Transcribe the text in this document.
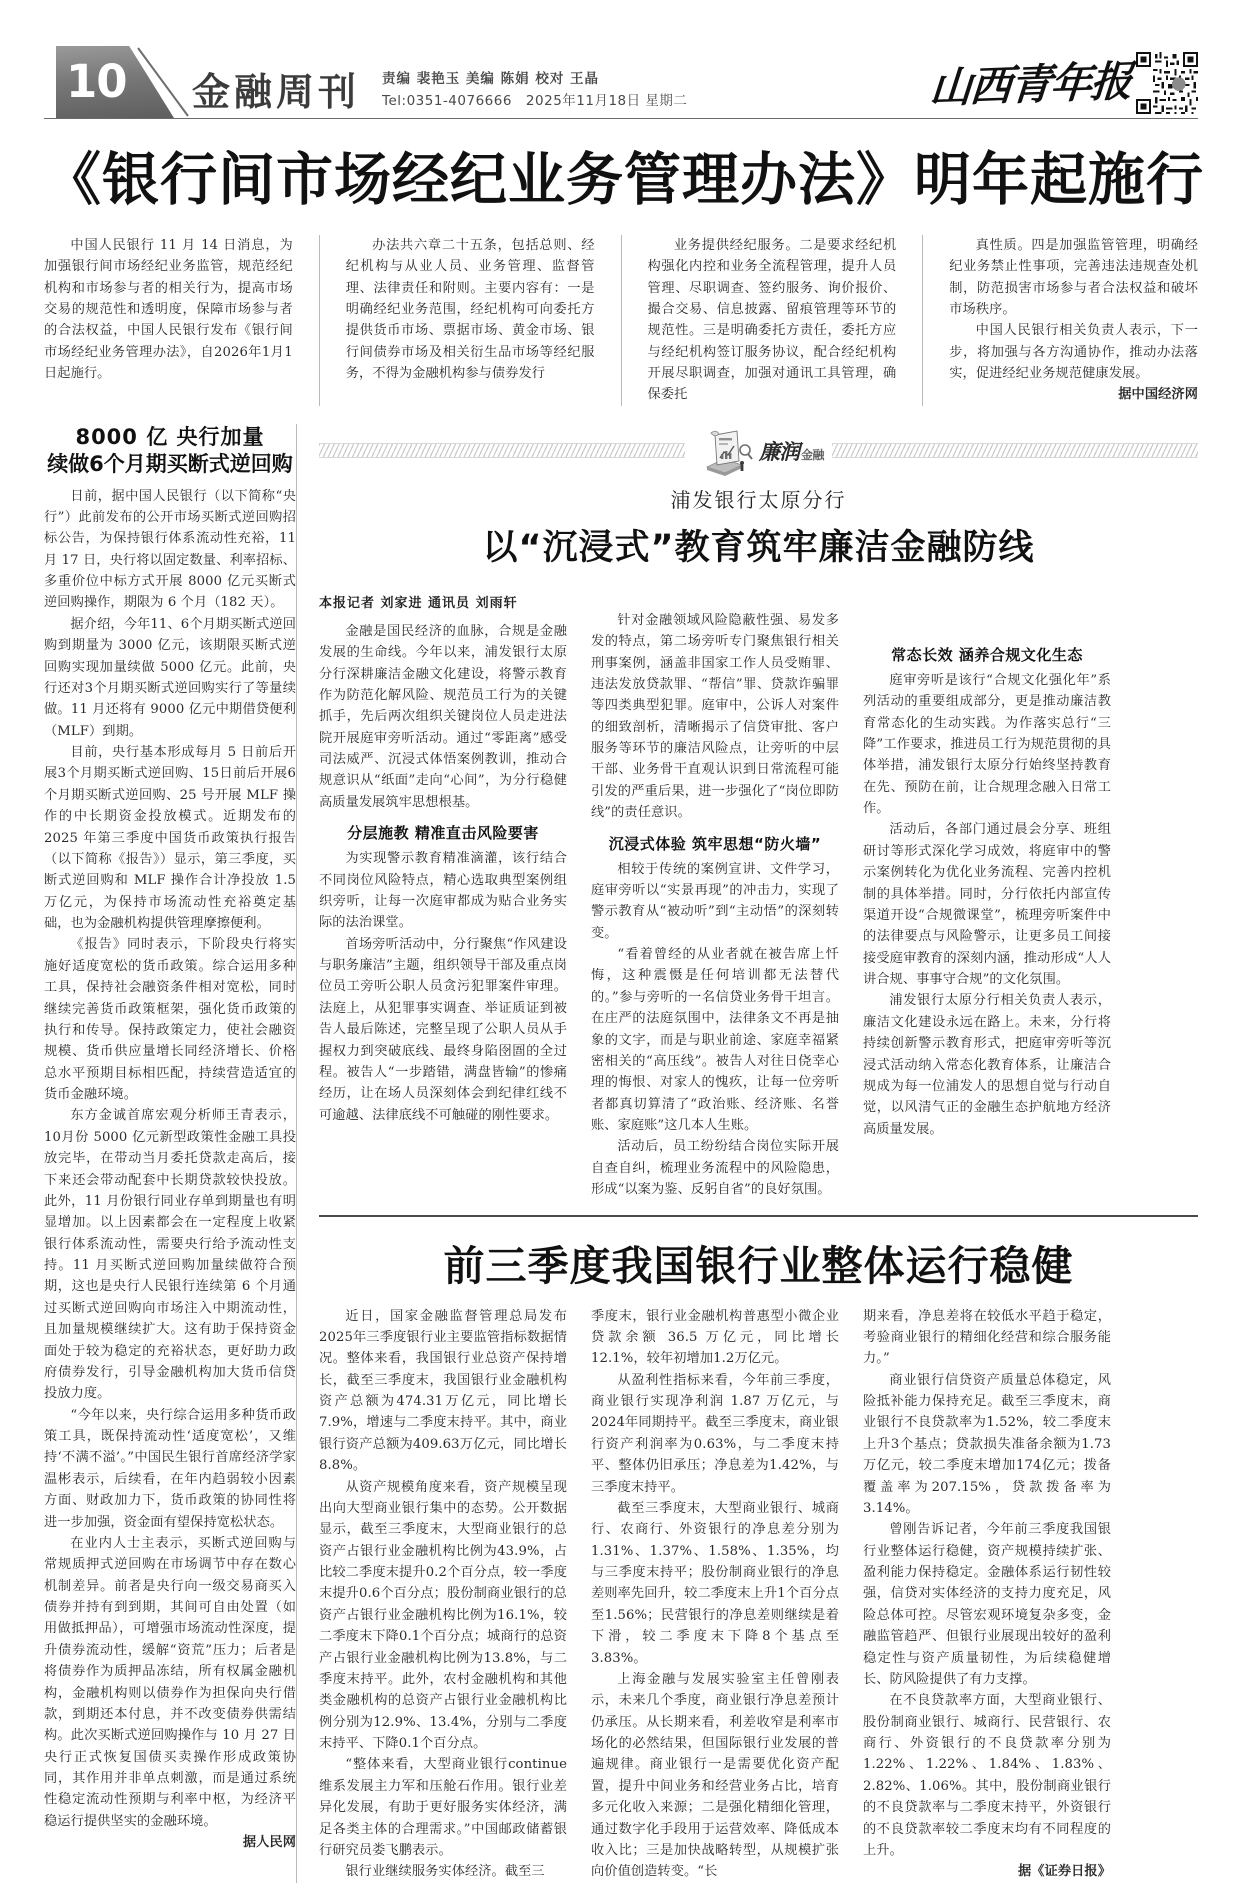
10 金融周刊 责编 裴艳玉 美编 陈娟 校对 王晶
Tel:0351-4076666　2025年11月18日 星期二	山西青年报
《银行间市场经纪业务管理办法》明年起施行

中国人民银行 11 月 14 日消息，为加强银行间市场经纪业务监管，规范经纪机构和市场参与者的相关行为，提高市场交易的规范性和透明度，保障市场参与者的合法权益，中国人民银行发布《银行间市场经纪业务管理办法》，自2026年1月1日起施行。

办法共六章二十五条，包括总则、经纪机构与从业人员、业务管理、监督管理、法律责任和附则。主要内容有：一是明确经纪业务范围，经纪机构可向委托方提供货币市场、票据市场、黄金市场、银行间债券市场及相关衍生品市场等经纪服务，不得为金融机构参与债券发行

业务提供经纪服务。二是要求经纪机构强化内控和业务全流程管理，提升人员管理、尽职调查、签约服务、询价报价、撮合交易、信息披露、留痕管理等环节的规范性。三是明确委托方责任，委托方应与经纪机构签订服务协议，配合经纪机构开展尽职调查，加强对通讯工具管理，确保委托

真性质。四是加强监管管理，明确经纪业务禁止性事项，完善违法违规查处机制，防范损害市场参与者合法权益和破坏市场秩序。

中国人民银行相关负责人表示，下一步，将加强与各方沟通协作，推动办法落实，促进经纪业务规范健康发展。

据中国经济网

8000 亿 央行加量
续做6个月期买断式逆回购

日前，据中国人民银行（以下简称“央行”）此前发布的公开市场买断式逆回购招标公告，为保持银行体系流动性充裕，11 月 17 日，央行将以固定数量、利率招标、多重价位中标方式开展 8000 亿元买断式逆回购操作，期限为 6 个月（182 天）。

据介绍，今年11、6个月期买断式逆回购到期量为 3000 亿元，该期限买断式逆回购实现加量续做 5000 亿元。此前，央行还对3个月期买断式逆回购实行了等量续做。11 月还将有 9000 亿元中期借贷便利（MLF）到期。

目前，央行基本形成每月 5 日前后开展3个月期买断式逆回购、15日前后开展6 个月期买断式逆回购、25 号开展 MLF 操作的中长期资金投放模式。近期发布的2025 年第三季度中国货币政策执行报告（以下简称《报告》）显示，第三季度，买断式逆回购和 MLF 操作合计净投放 1.5 万亿元，为保持市场流动性充裕奠定基础，也为金融机构提供管理摩擦便利。

《报告》同时表示，下阶段央行将实施好适度宽松的货币政策。综合运用多种工具，保持社会融资条件相对宽松，同时继续完善货币政策框架，强化货币政策的执行和传导。保持政策定力，使社会融资规模、货币供应量增长同经济增长、价格总水平预期目标相匹配，持续营造适宜的货币金融环境。

东方金诚首席宏观分析师王青表示，10月份 5000 亿元新型政策性金融工具投放完毕，在带动当月委托贷款走高后，接下来还会带动配套中长期贷款较快投放。此外，11 月份银行同业存单到期量也有明显增加。以上因素都会在一定程度上收紧银行体系流动性，需要央行给予流动性支持。11 月买断式逆回购加量续做符合预期，这也是央行人民银行连续第 6 个月通过买断式逆回购向市场注入中期流动性，且加量规模继续扩大。这有助于保持资金面处于较为稳定的充裕状态，更好助力政府债券发行，引导金融机构加大货币信贷投放力度。

“今年以来，央行综合运用多种货币政策工具，既保持流动性‘适度宽松’，又维持‘不满不溢’。”中国民生银行首席经济学家温彬表示，后续看，在年内趋弱较小因素方面、财政加力下，货币政策的协同性将进一步加强，资金面有望保持宽松状态。

在业内人士主表示，买断式逆回购与常规质押式逆回购在市场调节中存在数心机制差异。前者是央行向一级交易商买入债券并持有到到期，其间可自由处置（如用做抵押品），可增强市场流动性深度，提升债券流动性，缓解“资荒”压力；后者是将债券作为质押品冻结，所有权属金融机构，金融机构则以债券作为担保向央行借款，到期还本付息，并不改变债券供需结构。此次买断式逆回购操作与 10 月 27 日央行正式恢复国债买卖操作形成政策协同，其作用并非单点刺激，而是通过系统性稳定流动性预期与利率中枢，为经济平稳运行提供坚实的金融环境。

据人民网

廉润 金融
浦发银行太原分行
以“沉浸式”教育筑牢廉洁金融防线
本报记者 刘家进 通讯员 刘雨轩

金融是国民经济的血脉，合规是金融发展的生命线。今年以来，浦发银行太原分行深耕廉洁金融文化建设，将警示教育作为防范化解风险、规范员工行为的关键抓手，先后两次组织关键岗位人员走进法院开展庭审旁听活动。通过“零距离”感受司法威严、沉浸式体悟案例教训，推动合规意识从“纸面”走向“心间”，为分行稳健高质量发展筑牢思想根基。

分层施教 精准直击风险要害

为实现警示教育精准滴灌，该行结合不同岗位风险特点，精心选取典型案例组织旁听，让每一次庭审都成为贴合业务实际的法治课堂。

首场旁听活动中，分行聚焦“作风建设与职务廉洁”主题，组织领导干部及重点岗位员工旁听公职人员贪污犯罪案件审理。法庭上，从犯罪事实调查、举证质证到被告人最后陈述，完整呈现了公职人员从手握权力到突破底线、最终身陷囹圄的全过程。被告人“一步踏错，满盘皆输”的惨痛经历，让在场人员深刻体会到纪律红线不可逾越、法律底线不可触碰的刚性要求。

针对金融领域风险隐蔽性强、易发多发的特点，第二场旁听专门聚焦银行相关刑事案例，涵盖非国家工作人员受贿罪、违法发放贷款罪、“帮信”罪、贷款诈骗罪等四类典型犯罪。庭审中，公诉人对案件的细致剖析，清晰揭示了信贷审批、客户服务等环节的廉洁风险点，让旁听的中层干部、业务骨干直观认识到日常流程可能引发的严重后果，进一步强化了“岗位即防线”的责任意识。

沉浸式体验 筑牢思想“防火墙”

相较于传统的案例宣讲、文件学习，庭审旁听以“实景再现”的冲击力，实现了警示教育从“被动听”到“主动悟”的深刻转变。

“看着曾经的从业者就在被告席上忏悔，这种震慑是任何培训都无法替代的。”参与旁听的一名信贷业务骨干坦言。在庄严的法庭氛围中，法律条文不再是抽象的文字，而是与职业前途、家庭幸福紧密相关的“高压线”。被告人对往日侥幸心理的悔恨、对家人的愧疚，让每一位旁听者都真切算清了“政治账、经济账、名誉账、家庭账”这几本人生账。

活动后，员工纷纷结合岗位实际开展自查自纠，梳理业务流程中的风险隐患，形成“以案为鉴、反躬自省”的良好氛围。

常态长效 涵养合规文化生态

庭审旁听是该行“合规文化强化年”系列活动的重要组成部分，更是推动廉洁教育常态化的生动实践。为作落实总行“三降”工作要求，推进员工行为规范贯彻的具体举措，浦发银行太原分行始终坚持教育在先、预防在前，让合规理念融入日常工作。

活动后，各部门通过晨会分享、班组研讨等形式深化学习成效，将庭审中的警示案例转化为优化业务流程、完善内控机制的具体举措。同时，分行依托内部宣传渠道开设“合规微课堂”，梳理旁听案件中的法律要点与风险警示，让更多员工间接接受庭审教育的深刻内涵，推动形成“人人讲合规、事事守合规”的文化氛围。

浦发银行太原分行相关负责人表示，廉洁文化建设永远在路上。未来，分行将持续创新警示教育形式，把庭审旁听等沉浸式活动纳入常态化教育体系，让廉洁合规成为每一位浦发人的思想自觉与行动自觉，以风清气正的金融生态护航地方经济高质量发展。

前三季度我国银行业整体运行稳健

近日，国家金融监督管理总局发布2025年三季度银行业主要监管指标数据情况。整体来看，我国银行业总资产保持增长，截至三季度末，我国银行业金融机构资产总额为474.31万亿元，同比增长7.9%，增速与二季度末持平。其中，商业银行资产总额为409.63万亿元，同比增长8.8%。

从资产规模角度来看，资产规模呈现出向大型商业银行集中的态势。公开数据显示，截至三季度末，大型商业银行的总资产占银行业金融机构比例为43.9%，占比较二季度末提升0.2个百分点，较一季度末提升0.6个百分点；股份制商业银行的总资产占银行业金融机构比例为16.1%，较二季度末下降0.1个百分点；城商行的总资产占银行业金融机构比例为13.8%，与二季度末持平。此外，农村金融机构和其他类金融机构的总资产占银行业金融机构比例分别为12.9%、13.4%，分别与二季度末持平、下降0.1个百分点。

“整体来看，大型商业银行continue维系发展主力军和压舱石作用。银行业差异化发展，有助于更好服务实体经济，满足各类主体的合理需求。”中国邮政储蓄银行研究员娄飞鹏表示。

银行业继续服务实体经济。截至三

季度末，银行业金融机构普惠型小微企业贷款余额 36.5 万亿元，同比增长12.1%，较年初增加1.2万亿元。

从盈利性指标来看，今年前三季度，商业银行实现净利润 1.87 万亿元，与2024年同期持平。截至三季度末，商业银行资产利润率为0.63%，与二季度末持平、整体仍旧承压；净息差为1.42%，与三季度末持平。

截至三季度末，大型商业银行、城商行、农商行、外资银行的净息差分别为1.31%、1.37%、1.58%、1.35%，均与三季度末持平；股份制商业银行的净息差则率先回升，较二季度末上升1个百分点至1.56%；民营银行的净息差则继续是着下滑，较二季度末下降8个基点至3.83%。

上海金融与发展实验室主任曾刚表示，未来几个季度，商业银行净息差预计仍承压。从长期来看，利差收窄是利率市场化的必然结果，但国际银行业发展的普遍规律。商业银行一是需要优化资产配置，提升中间业务和经营业务占比，培育多元化收入来源；二是强化精细化管理，通过数字化手段用于运营效率、降低成本收入比；三是加快战略转型，从规模扩张向价值创造转变。“长

期来看，净息差将在较低水平趋于稳定，考验商业银行的精细化经营和综合服务能力。”

商业银行信贷资产质量总体稳定，风险抵补能力保持充足。截至三季度末，商业银行不良贷款率为1.52%，较二季度末上升3个基点；贷款损失准备余额为1.73万亿元，较二季度末增加174亿元；拨备覆盖率为207.15%，贷款拨备率为3.14%。

曾刚告诉记者，今年前三季度我国银行业整体运行稳健，资产规模持续扩张、盈利能力保持稳定。金融体系运行韧性较强，信贷对实体经济的支持力度充足，风险总体可控。尽管宏观环境复杂多变，金融监管趋严、但银行业展现出较好的盈利稳定性与资产质量韧性，为后续稳健增长、防风险提供了有力支撑。

在不良贷款率方面，大型商业银行、股份制商业银行、城商行、民营银行、农商行、外资银行的不良贷款率分别为1.22%、1.22%、1.84%、1.83%、2.82%、1.06%。其中，股份制商业银行的不良贷款率与二季度末持平，外资银行的不良贷款率较二季度末均有不同程度的上升。

据《证券日报》
